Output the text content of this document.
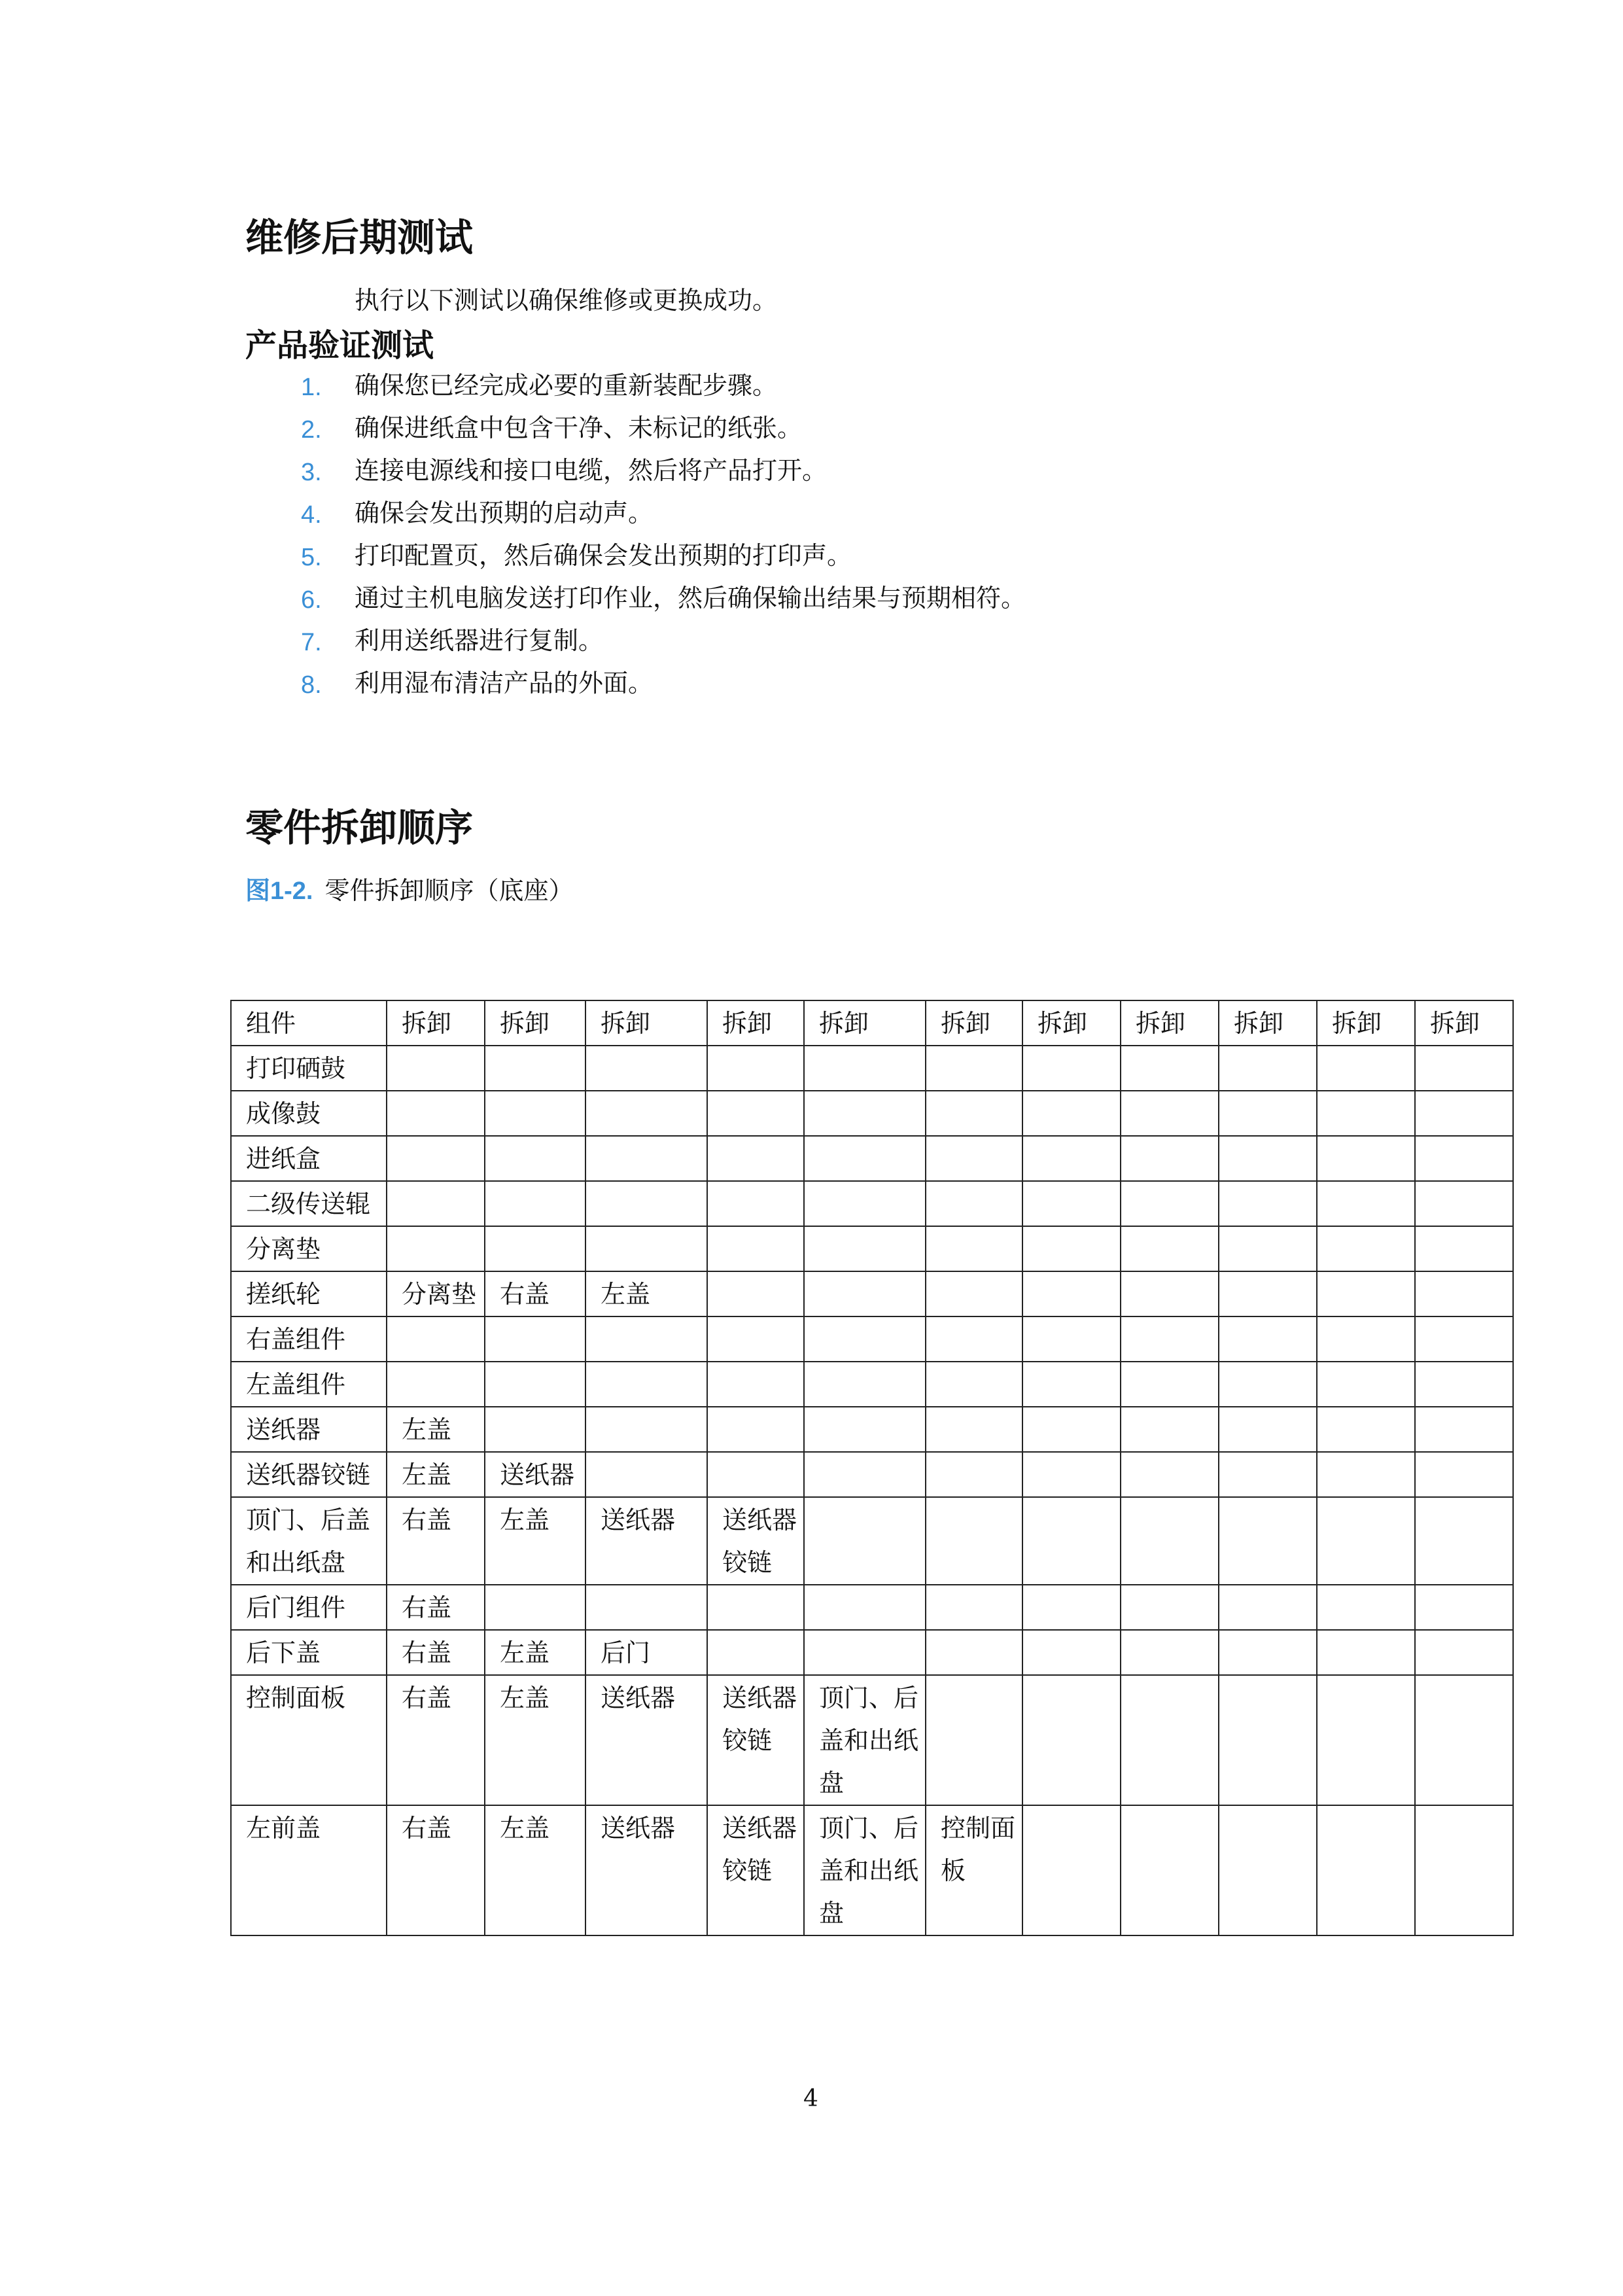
维修后期测试
执行以下测试以确保维修或更换成功。
产品验证测试
1. 确保您已经完成必要的重新装配步骤。
2. 确保进纸盒中包含干净、未标记的纸张。
3. 连接电源线和接口电缆，然后将产品打开。
4. 确保会发出预期的启动声。
5. 打印配置页，然后确保会发出预期的打印声。
6. 通过主机电脑发送打印作业，然后确保输出结果与预期相符。
7. 利用送纸器进行复制。
8. 利用湿布清洁产品的外面。
零件拆卸顺序
图1-2. 零件拆卸顺序（底座）
组件	拆卸	拆卸	拆卸	拆卸	拆卸	拆卸	拆卸	拆卸	拆卸	拆卸	拆卸
打印硒鼓											
成像鼓											
进纸盒											
二级传送辊											
分离垫											
搓纸轮	分离垫	右盖	左盖								
右盖组件											
左盖组件											
送纸器	左盖										
送纸器铰链	左盖	送纸器									
顶门、后盖和出纸盘	右盖	左盖	送纸器	送纸器铰链							
后门组件	右盖										
后下盖	右盖	左盖	后门								
控制面板	右盖	左盖	送纸器	送纸器铰链	顶门、后盖和出纸盘						
左前盖	右盖	左盖	送纸器	送纸器铰链	顶门、后盖和出纸盘	控制面板					
4
